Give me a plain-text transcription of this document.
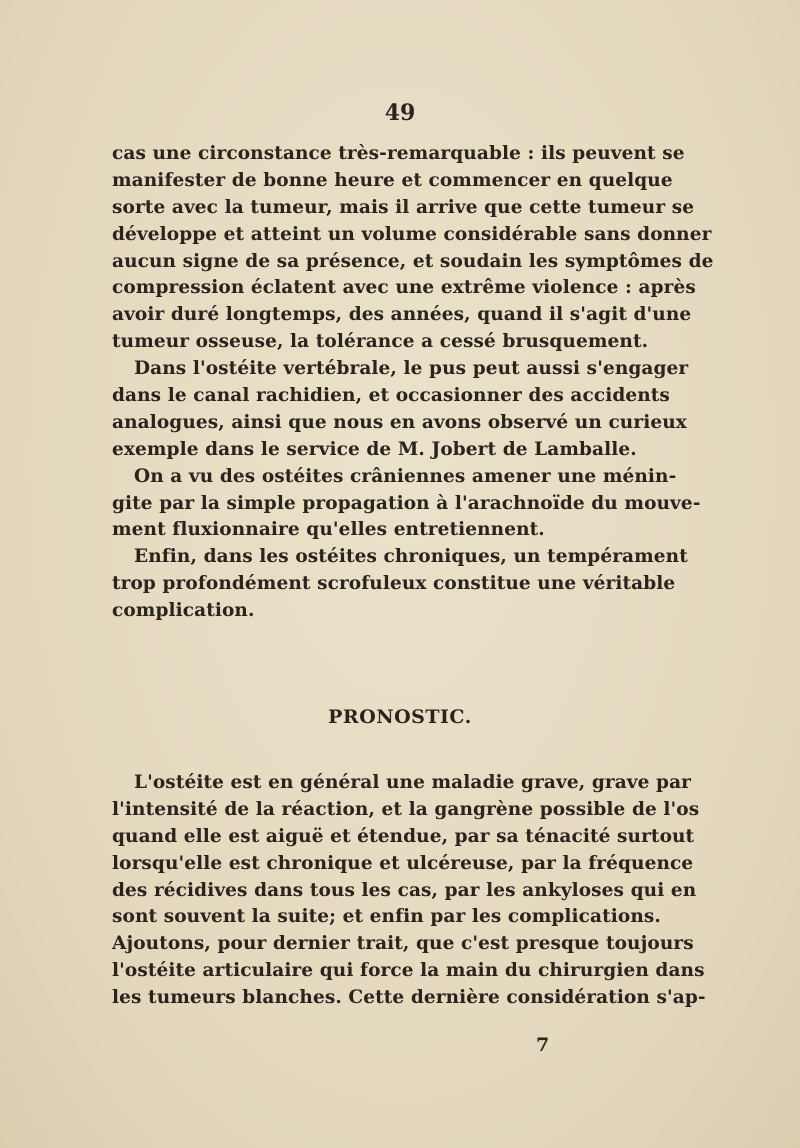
49
cas une circonstance très-remarquable : ils peuvent se
manifester de bonne heure et commencer en quelque
sorte avec la tumeur, mais il arrive que cette tumeur se
développe et atteint un volume considérable sans donner
aucun signe de sa présence, et soudain les symptômes de
compression éclatent avec une extrême violence : après
avoir duré longtemps, des années, quand il s'agit d'une
tumeur osseuse, la tolérance a cessé brusquement.
Dans l'ostéite vertébrale, le pus peut aussi s'engager
dans le canal rachidien, et occasionner des accidents
analogues, ainsi que nous en avons observé un curieux
exemple dans le service de M. Jobert de Lamballe.
On a vu des ostéites crâniennes amener une ménin-
gite par la simple propagation à l'arachnoïde du mouve-
ment fluxionnaire qu'elles entretiennent.
Enfin, dans les ostéites chroniques, un tempérament
trop profondément scrofuleux constitue une véritable
complication.
PRONOSTIC.
L'ostéite est en général une maladie grave, grave par
l'intensité de la réaction, et la gangrène possible de l'os
quand elle est aiguë et étendue, par sa ténacité surtout
lorsqu'elle est chronique et ulcéreuse, par la fréquence
des récidives dans tous les cas, par les ankyloses qui en
sont souvent la suite; et enfin par les complications.
Ajoutons, pour dernier trait, que c'est presque toujours
l'ostéite articulaire qui force la main du chirurgien dans
les tumeurs blanches. Cette dernière considération s'ap-
7
